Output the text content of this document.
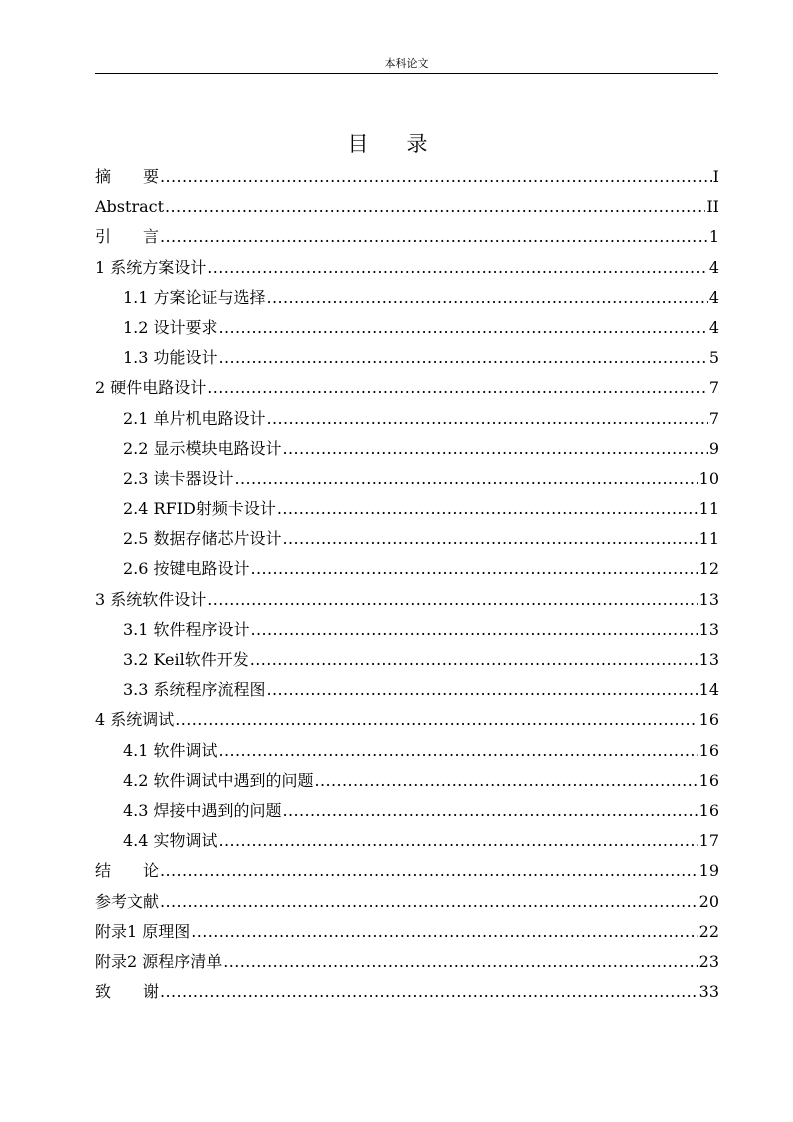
本科论文
目录
摘　　要 .....	I
Abstract .....	II
引　　言 .....	1
1 系统方案设计 .....	4
1.1 方案论证与选择 .....	4
1.2 设计要求 .....	4
1.3 功能设计 .....	5
2 硬件电路设计 .....	7
2.1 单片机电路设计 .....	7
2.2 显示模块电路设计 .....	9
2.3 读卡器设计 .....	10
2.4 RFID射频卡设计 .....	11
2.5 数据存储芯片设计 .....	11
2.6 按键电路设计 .....	12
3 系统软件设计 .....	13
3.1 软件程序设计 .....	13
3.2 Keil软件开发 .....	13
3.3 系统程序流程图 .....	14
4 系统调试 .....	16
4.1 软件调试 .....	16
4.2 软件调试中遇到的问题 .....	16
4.3 焊接中遇到的问题 .....	16
4.4 实物调试 .....	17
结　　论 .....	19
参考文献 .....	20
附录1 原理图 .....	22
附录2 源程序清单 .....	23
致　　谢 .....	33
